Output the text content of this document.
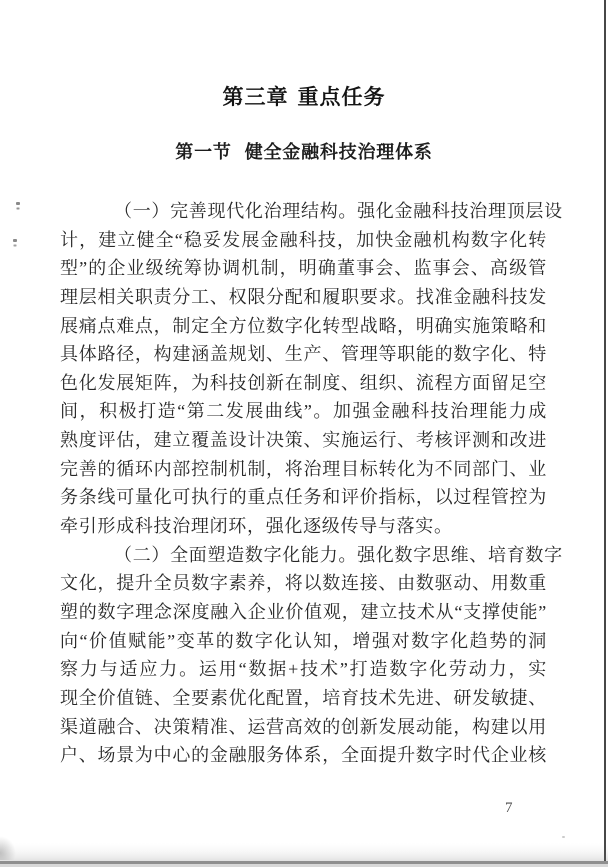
第三章 重点任务
第一节 健全金融科技治理体系
（一）完善现代化治理结构。强化金融科技治理顶层设
计，建立健全“稳妥发展金融科技，加快金融机构数字化转
型”的企业级统筹协调机制，明确董事会、监事会、高级管
理层相关职责分工、权限分配和履职要求。找准金融科技发
展痛点难点，制定全方位数字化转型战略，明确实施策略和
具体路径，构建涵盖规划、生产、管理等职能的数字化、特
色化发展矩阵，为科技创新在制度、组织、流程方面留足空
间，积极打造“第二发展曲线”。加强金融科技治理能力成
熟度评估，建立覆盖设计决策、实施运行、考核评测和改进
完善的循环内部控制机制，将治理目标转化为不同部门、业
务条线可量化可执行的重点任务和评价指标，以过程管控为
牵引形成科技治理闭环，强化逐级传导与落实。
（二）全面塑造数字化能力。强化数字思维、培育数字
文化，提升全员数字素养，将以数连接、由数驱动、用数重
塑的数字理念深度融入企业价值观，建立技术从“支撑使能”
向“价值赋能”变革的数字化认知，增强对数字化趋势的洞
察力与适应力。运用“数据+技术”打造数字化劳动力，实
现全价值链、全要素优化配置，培育技术先进、研发敏捷、
渠道融合、决策精准、运营高效的创新发展动能，构建以用
户、场景为中心的金融服务体系，全面提升数字时代企业核
7
